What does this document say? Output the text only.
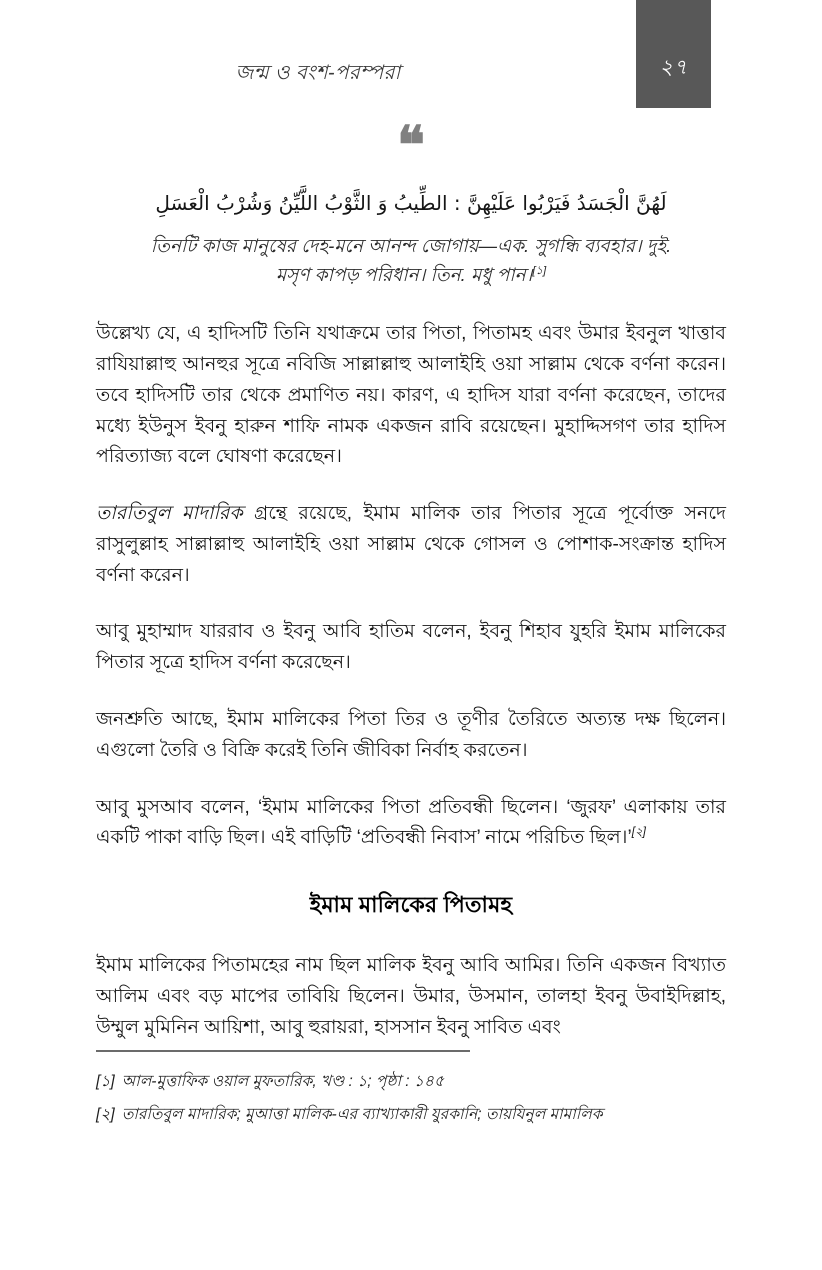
২৭
জন্ম ও বংশ-পরম্পরা
❝
لَهُنَّ الْجَسَدُ فَيَرْبُوا عَلَيْهِنَّ : الطِّيبُ وَ الثَّوْبُ اللَّيِّنُ وَشُرْبُ الْعَسَلِ
তিনটি কাজ মানুষের দেহ-মনে আনন্দ জোগায়—এক. সুগন্ধি ব্যবহার। দুই. মসৃণ কাপড় পরিধান। তিন. মধু পান।[১]

উল্লেখ্য যে, এ হাদিসটি তিনি যথাক্রমে তার পিতা, পিতামহ এবং উমার ইবনুল খাত্তাব রাযিয়াল্লাহু আনহুর সূত্রে নবিজি সাল্লাল্লাহু আলাইহি ওয়া সাল্লাম থেকে বর্ণনা করেন। তবে হাদিসটি তার থেকে প্রমাণিত নয়। কারণ, এ হাদিস যারা বর্ণনা করেছেন, তাদের মধ্যে ইউনুস ইবনু হারুন শাফি নামক একজন রাবি রয়েছেন। মুহাদ্দিসগণ তার হাদিস পরিত্যাজ্য বলে ঘোষণা করেছেন।

তারতিবুল মাদারিক গ্রন্থে রয়েছে, ইমাম মালিক তার পিতার সূত্রে পূর্বোক্ত সনদে রাসুলুল্লাহ সাল্লাল্লাহু আলাইহি ওয়া সাল্লাম থেকে গোসল ও পোশাক-সংক্রান্ত হাদিস বর্ণনা করেন।

আবু মুহাম্মাদ যাররাব ও ইবনু আবি হাতিম বলেন, ইবনু শিহাব যুহরি ইমাম মালিকের পিতার সূত্রে হাদিস বর্ণনা করেছেন।

জনশ্রুতি আছে, ইমাম মালিকের পিতা তির ও তূণীর তৈরিতে অত্যন্ত দক্ষ ছিলেন। এগুলো তৈরি ও বিক্রি করেই তিনি জীবিকা নির্বাহ করতেন।

আবু মুসআব বলেন, ‘ইমাম মালিকের পিতা প্রতিবন্ধী ছিলেন। ‘জুরফ’ এলাকায় তার একটি পাকা বাড়ি ছিল। এই বাড়িটি ‘প্রতিবন্ধী নিবাস’ নামে পরিচিত ছিল।’[২]

ইমাম মালিকের পিতামহ

ইমাম মালিকের পিতামহের নাম ছিল মালিক ইবনু আবি আমির। তিনি একজন বিখ্যাত আলিম এবং বড় মাপের তাবিয়ি ছিলেন। উমার, উসমান, তালহা ইবনু উবাইদিল্লাহ, উম্মুল মুমিনিন আয়িশা, আবু হুরায়রা, হাসসান ইবনু সাবিত এবং

[১] আল-মুত্তাফিক ওয়াল মুফতারিক, খণ্ড : ১; পৃষ্ঠা : ১৪৫
[২] তারতিবুল মাদারিক; মুআত্তা মালিক-এর ব্যাখ্যাকারী যুরকানি; তায়যিনুল মামালিক
